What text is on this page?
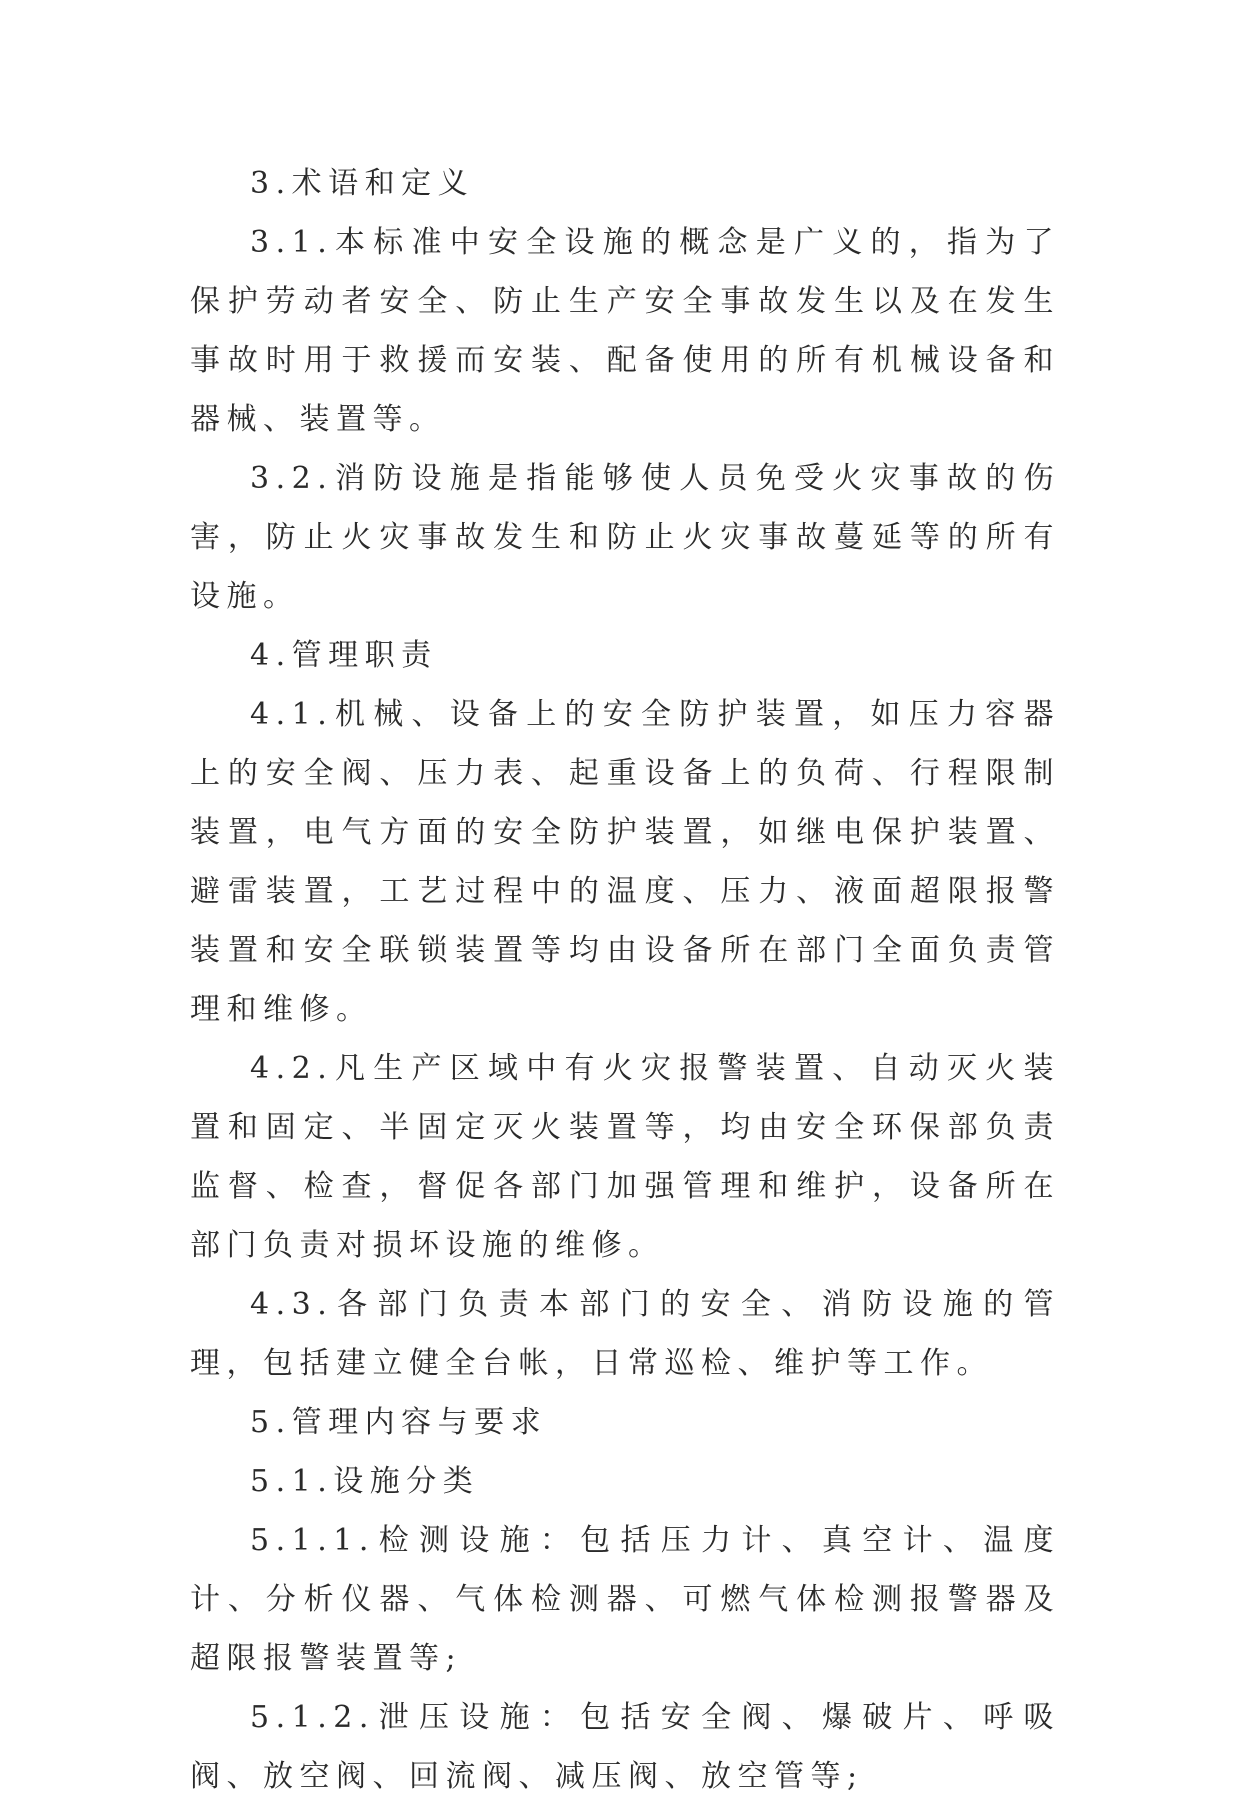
3.术语和定义

3.1.本标准中安全设施的概念是广义的，指为了保护劳动者安全、防止生产安全事故发生以及在发生事故时用于救援而安装、配备使用的所有机械设备和器械、装置等。

3.2.消防设施是指能够使人员免受火灾事故的伤害，防止火灾事故发生和防止火灾事故蔓延等的所有设施。

4.管理职责

4.1.机械、设备上的安全防护装置，如压力容器上的安全阀、压力表、起重设备上的负荷、行程限制装置，电气方面的安全防护装置，如继电保护装置、避雷装置，工艺过程中的温度、压力、液面超限报警装置和安全联锁装置等均由设备所在部门全面负责管理和维修。

4.2.凡生产区域中有火灾报警装置、自动灭火装置和固定、半固定灭火装置等，均由安全环保部负责监督、检查，督促各部门加强管理和维护，设备所在部门负责对损坏设施的维修。

4.3.各部门负责本部门的安全、消防设施的管理，包括建立健全台帐，日常巡检、维护等工作。

5.管理内容与要求

5.1.设施分类

5.1.1.检测设施：包括压力计、真空计、温度计、分析仪器、气体检测器、可燃气体检测报警器及超限报警装置等;

5.1.2.泄压设施：包括安全阀、爆破片、呼吸阀、放空阀、回流阀、减压阀、放空管等;
